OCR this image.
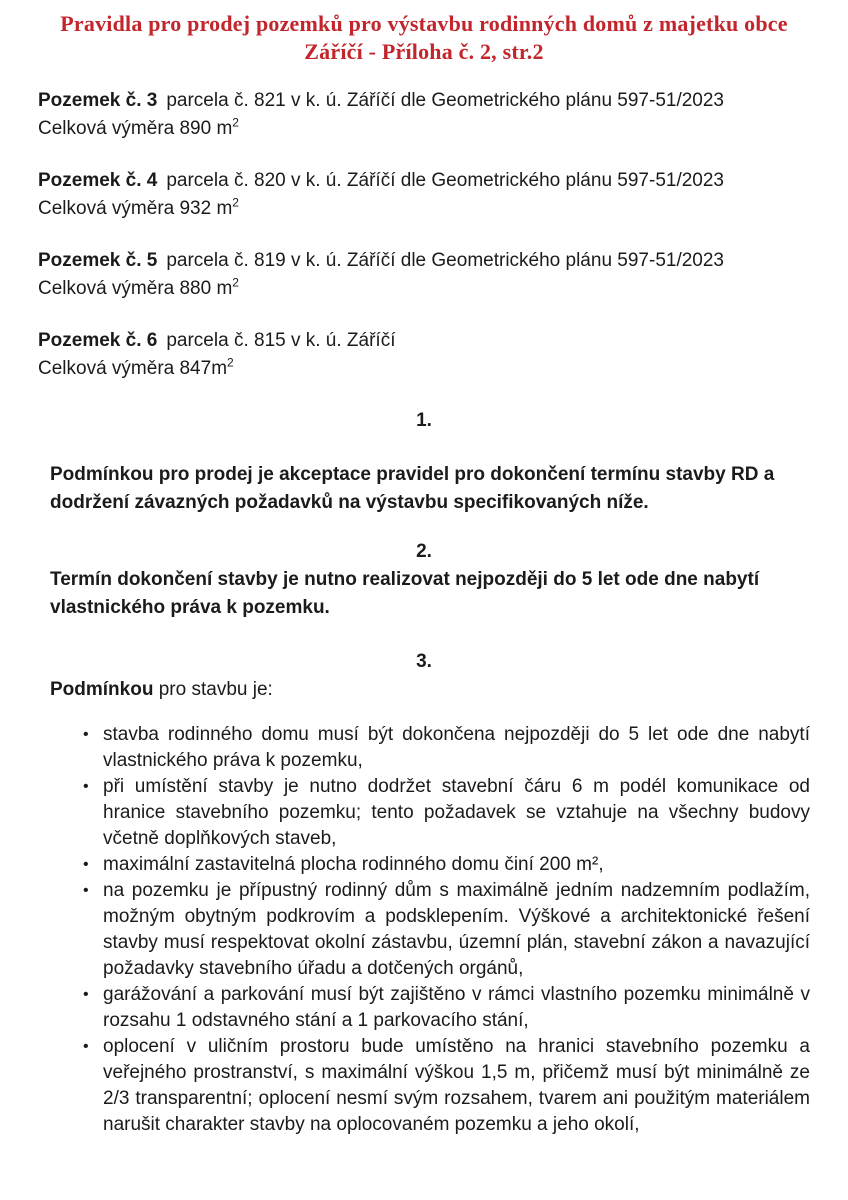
Pravidla pro prodej pozemků pro výstavbu rodinných domů z majetku obce
Záříčí - Příloha č. 2, str.2

Pozemek č. 3 parcela č. 821 v k. ú. Záříčí dle Geometrického plánu 597-51/2023

Celková výměra 890 $m^2$

Pozemek č. 4 parcela č. 820 v k. ú. Záříčí dle Geometrického plánu 597-51/2023

Celková výměra 932 $m^2$

Pozemek č. 5 parcela č. 819 v k. ú. Záříčí dle Geometrického plánu 597-51/2023

Celková výměra 880 $m^2$

Pozemek č. 6 parcela č. 815 v k. ú. Záříčí

Celková výměra $847m^2$

1.

Podmínkou pro prodej je akceptace pravidel pro dokončení termínu stavby RD a dodržení závazných požadavků na výstavbu specifikovaných níže.

2.

Termín dokončení stavby je nutno realizovat nejpozději do 5 let ode dne nabytí vlastnického práva k pozemku.

3.

Podmínkou pro stavbu je:

• stavba rodinného domu musí být dokončena nejpozději do 5 let ode dne nabytí vlastnického práva k pozemku,
• při umístění stavby je nutno dodržet stavební čáru 6 m podél komunikace od hranice stavebního pozemku; tento požadavek se vztahuje na všechny budovy včetně doplňkových staveb,
• maximální zastavitelná plocha rodinného domu činí 200 m²,
• na pozemku je přípustný rodinný dům s maximálně jedním nadzemním podlažím, možným obytným podkrovím a podsklepením. Výškové a architektonické řešení stavby musí respektovat okolní zástavbu, územní plán, stavební zákon a navazující požadavky stavebního úřadu a dotčených orgánů,
• garážování a parkování musí být zajištěno v rámci vlastního pozemku minimálně v rozsahu 1 odstavného stání a 1 parkovacího stání,
• oplocení v uličním prostoru bude umístěno na hranici stavebního pozemku a veřejného prostranství, s maximální výškou 1,5 m, přičemž musí být minimálně ze 2/3 transparentní; oplocení nesmí svým rozsahem, tvarem ani použitým materiálem narušit charakter stavby na oplocovaném pozemku a jeho okolí,
